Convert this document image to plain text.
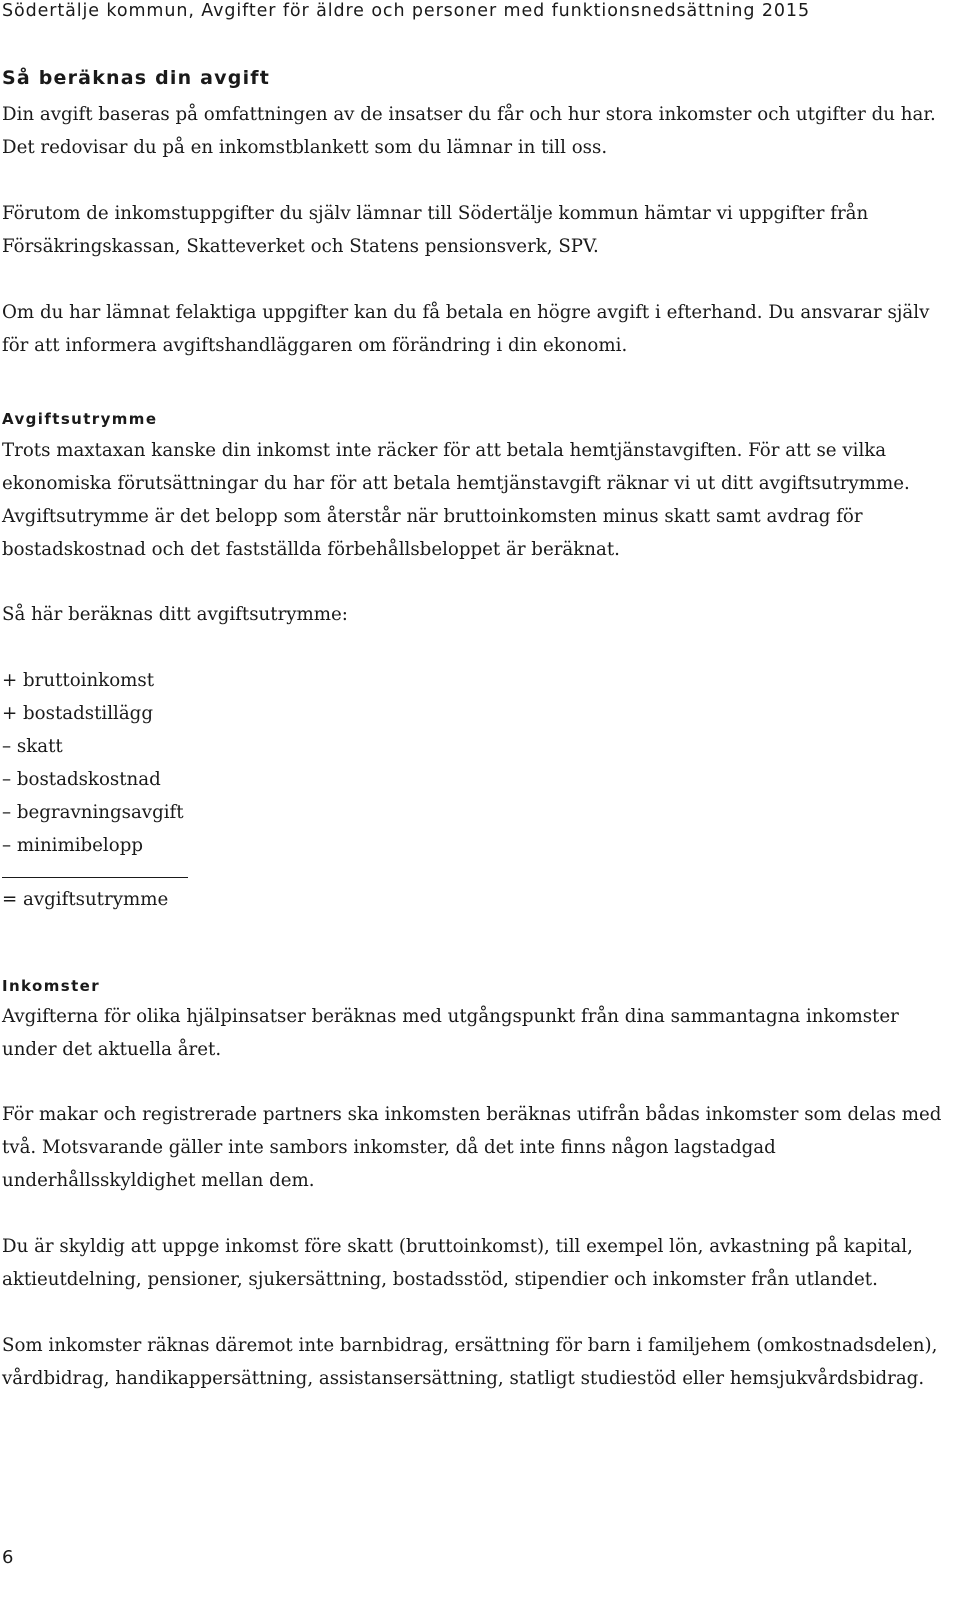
Södertälje kommun, Avgifter för äldre och personer med funktionsnedsättning 2015
Så beräknas din avgift

Din avgift baseras på omfattningen av de insatser du får och hur stora inkomster och utgifter du har. Det redovisar du på en inkomstblankett som du lämnar in till oss.

Förutom de inkomstuppgifter du själv lämnar till Södertälje kommun hämtar vi uppgifter från Försäkringskassan, Skatteverket och Statens pensionsverk, SPV.

Om du har lämnat felaktiga uppgifter kan du få betala en högre avgift i efterhand. Du ansvarar själv för att informera avgiftshandläggaren om förändring i din ekonomi.

Avgiftsutrymme

Trots maxtaxan kanske din inkomst inte räcker för att betala hemtjänstavgiften. För att se vilka ekonomiska förutsättningar du har för att betala hemtjänstavgift räknar vi ut ditt avgiftsutrymme. Avgiftsutrymme är det belopp som återstår när bruttoinkomsten minus skatt samt avdrag för bostadskostnad och det fastställda förbehållsbeloppet är beräknat.

Så här beräknas ditt avgiftsutrymme:

+ bruttoinkomst
+ bostadstillägg
– skatt
– bostadskostnad
– begravningsavgift
– minimibelopp
= avgiftsutrymme
Inkomster

Avgifterna för olika hjälpinsatser beräknas med utgångspunkt från dina sammantagna inkomster under det aktuella året.

För makar och registrerade partners ska inkomsten beräknas utifrån bådas inkomster som delas med två. Motsvarande gäller inte sambors inkomster, då det inte finns någon lagstadgad underhållsskyldighet mellan dem.

Du är skyldig att uppge inkomst före skatt (bruttoinkomst), till exempel lön, avkastning på kapital, aktieutdelning, pensioner, sjukersättning, bostadsstöd, stipendier och inkomster från utlandet.

Som inkomster räknas däremot inte barnbidrag, ersättning för barn i familjehem (omkostnadsdelen), vårdbidrag, handikappersättning, assistansersättning, statligt studiestöd eller hemsjukvårdsbidrag.

6
